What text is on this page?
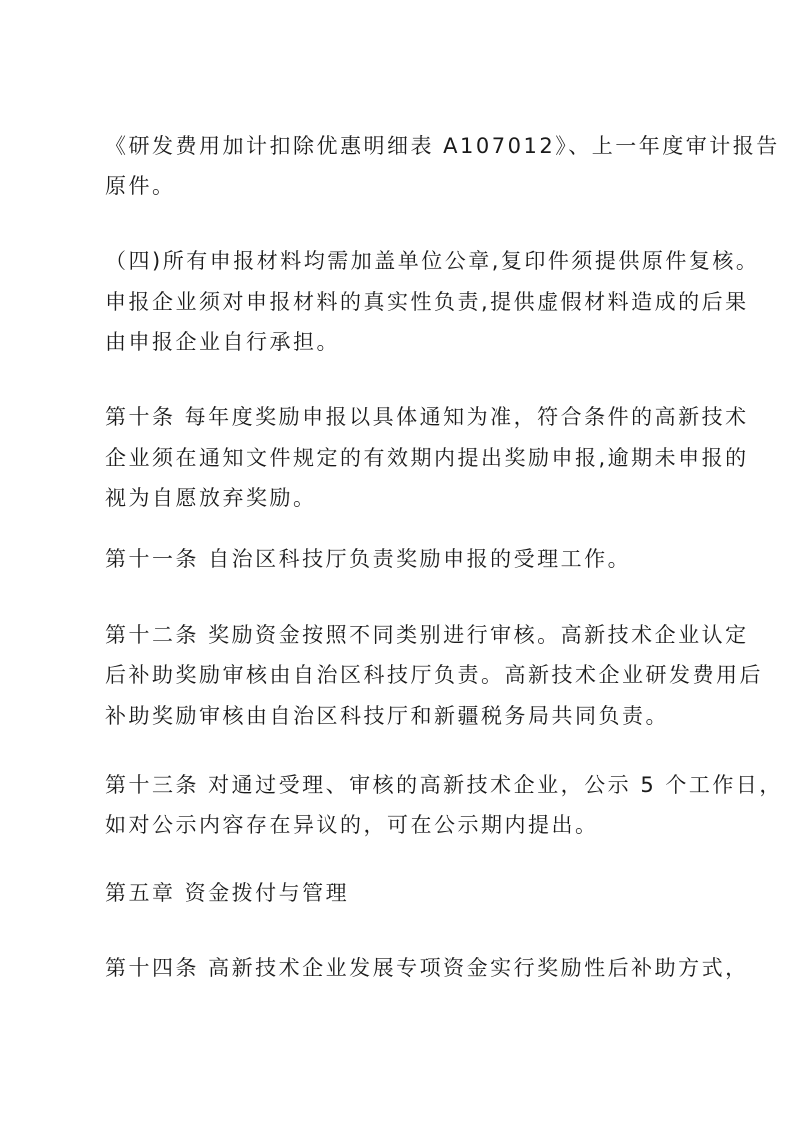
《研发费用加计扣除优惠明细表 A107012》、上一年度审计报告
原件。
（四)所有申报材料均需加盖单位公章,复印件须提供原件复核。
申报企业须对申报材料的真实性负责,提供虚假材料造成的后果
由申报企业自行承担。
第十条 每年度奖励申报以具体通知为准，符合条件的高新技术
企业须在通知文件规定的有效期内提出奖励申报,逾期未申报的
视为自愿放弃奖励。
第十一条 自治区科技厅负责奖励申报的受理工作。
第十二条 奖励资金按照不同类别进行审核。高新技术企业认定
后补助奖励审核由自治区科技厅负责。高新技术企业研发费用后
补助奖励审核由自治区科技厅和新疆税务局共同负责。
第十三条 对通过受理、审核的高新技术企业，公示 5 个工作日，
如对公示内容存在异议的，可在公示期内提出。
第五章 资金拨付与管理
第十四条 高新技术企业发展专项资金实行奖励性后补助方式，
